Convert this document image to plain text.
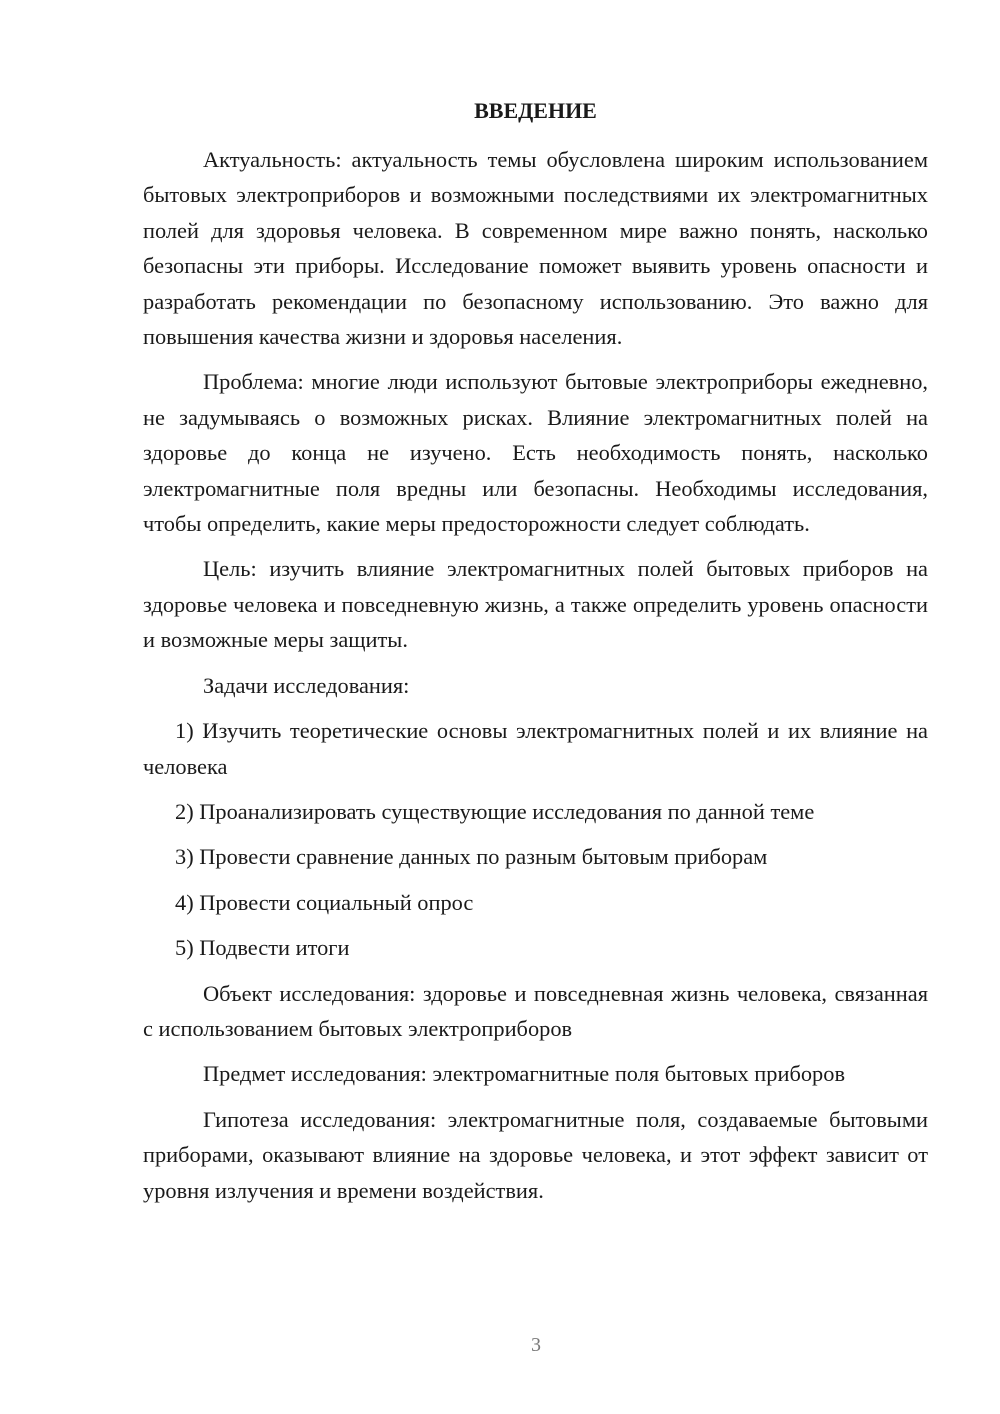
ВВЕДЕНИЕ

Актуальность: актуальность темы обусловлена широким использованием бытовых электроприборов и возможными последствиями их электромагнитных полей для здоровья человека. В современном мире важно понять, насколько безопасны эти приборы. Исследование поможет выявить уровень опасности и разработать рекомендации по безопасному использованию. Это важно для повышения качества жизни и здоровья населения.

Проблема: многие люди используют бытовые электроприборы ежедневно, не задумываясь о возможных рисках. Влияние электромагнитных полей на здоровье до конца не изучено. Есть необходимость понять, насколько электромагнитные поля вредны или безопасны. Необходимы исследования, чтобы определить, какие меры предосторожности следует соблюдать.

Цель: изучить влияние электромагнитных полей бытовых приборов на здоровье человека и повседневную жизнь, а также определить уровень опасности и возможные меры защиты.

Задачи исследования:

1) Изучить теоретические основы электромагнитных полей и их влияние на человека

2) Проанализировать существующие исследования по данной теме

3) Провести сравнение данных по разным бытовым приборам

4) Провести социальный опрос

5) Подвести итоги

Объект исследования: здоровье и повседневная жизнь человека, связанная с использованием бытовых электроприборов

Предмет исследования: электромагнитные поля бытовых приборов

Гипотеза исследования: электромагнитные поля, создаваемые бытовыми приборами, оказывают влияние на здоровье человека, и этот эффект зависит от уровня излучения и времени воздействия.

3
